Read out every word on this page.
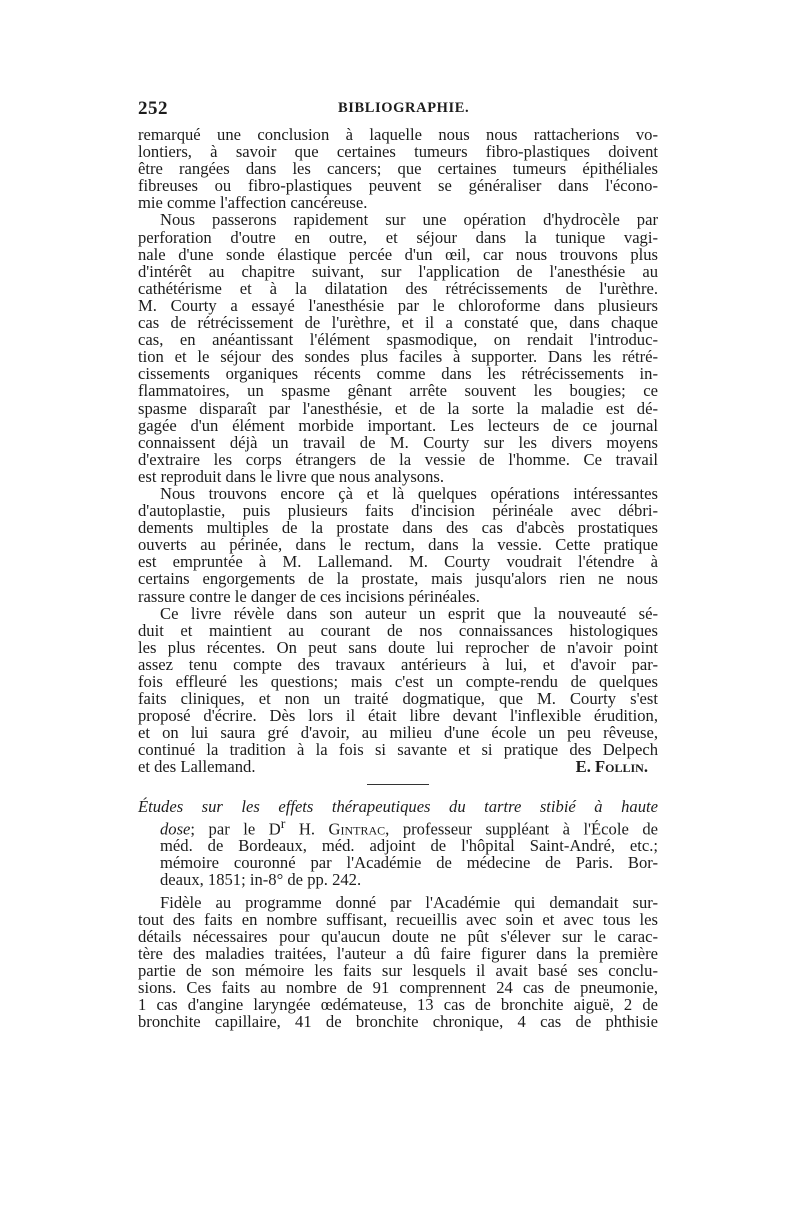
252	BIBLIOGRAPHIE.
remarqué une conclusion à laquelle nous nous rattacherions vo-
lontiers, à savoir que certaines tumeurs fibro-plastiques doivent
être rangées dans les cancers; que certaines tumeurs épithéliales
fibreuses ou fibro-plastiques peuvent se généraliser dans l'écono-
mie comme l'affection cancéreuse.
Nous passerons rapidement sur une opération d'hydrocèle par
perforation d'outre en outre, et séjour dans la tunique vagi-
nale d'une sonde élastique percée d'un œil, car nous trouvons plus
d'intérêt au chapitre suivant, sur l'application de l'anesthésie au
cathétérisme et à la dilatation des rétrécissements de l'urèthre.
M. Courty a essayé l'anesthésie par le chloroforme dans plusieurs
cas de rétrécissement de l'urèthre, et il a constaté que, dans chaque
cas, en anéantissant l'élément spasmodique, on rendait l'introduc-
tion et le séjour des sondes plus faciles à supporter. Dans les rétré-
cissements organiques récents comme dans les rétrécissements in-
flammatoires, un spasme gênant arrête souvent les bougies; ce
spasme disparaît par l'anesthésie, et de la sorte la maladie est dé-
gagée d'un élément morbide important. Les lecteurs de ce journal
connaissent déjà un travail de M. Courty sur les divers moyens
d'extraire les corps étrangers de la vessie de l'homme. Ce travail
est reproduit dans le livre que nous analysons.
Nous trouvons encore çà et là quelques opérations intéressantes
d'autoplastie, puis plusieurs faits d'incision périnéale avec débri-
dements multiples de la prostate dans des cas d'abcès prostatiques
ouverts au périnée, dans le rectum, dans la vessie. Cette pratique
est empruntée à M. Lallemand. M. Courty voudrait l'étendre à
certains engorgements de la prostate, mais jusqu'alors rien ne nous
rassure contre le danger de ces incisions périnéales.
Ce livre révèle dans son auteur un esprit que la nouveauté sé-
duit et maintient au courant de nos connaissances histologiques
les plus récentes. On peut sans doute lui reprocher de n'avoir point
assez tenu compte des travaux antérieurs à lui, et d'avoir par-
fois effleuré les questions; mais c'est un compte-rendu de quelques
faits cliniques, et non un traité dogmatique, que M. Courty s'est
proposé d'écrire. Dès lors il était libre devant l'inflexible érudition,
et on lui saura gré d'avoir, au milieu d'une école un peu rêveuse,
continué la tradition à la fois si savante et si pratique des Delpech
et des Lallemand.	E. Follin.
Études sur les effets thérapeutiques du tartre stibié à haute
dose; par le $D^r$ H. Gintrac, professeur suppléant à l'École de
méd. de Bordeaux, méd. adjoint de l'hôpital Saint-André, etc.;
mémoire couronné par l'Académie de médecine de Paris. Bor-
deaux, 1851; in-8° de pp. 242.
Fidèle au programme donné par l'Académie qui demandait sur-
tout des faits en nombre suffisant, recueillis avec soin et avec tous les
détails nécessaires pour qu'aucun doute ne pût s'élever sur le carac-
tère des maladies traitées, l'auteur a dû faire figurer dans la première
partie de son mémoire les faits sur lesquels il avait basé ses conclu-
sions. Ces faits au nombre de 91 comprennent 24 cas de pneumonie,
1 cas d'angine laryngée œdémateuse, 13 cas de bronchite aiguë, 2 de
bronchite capillaire, 41 de bronchite chronique, 4 cas de phthisie
